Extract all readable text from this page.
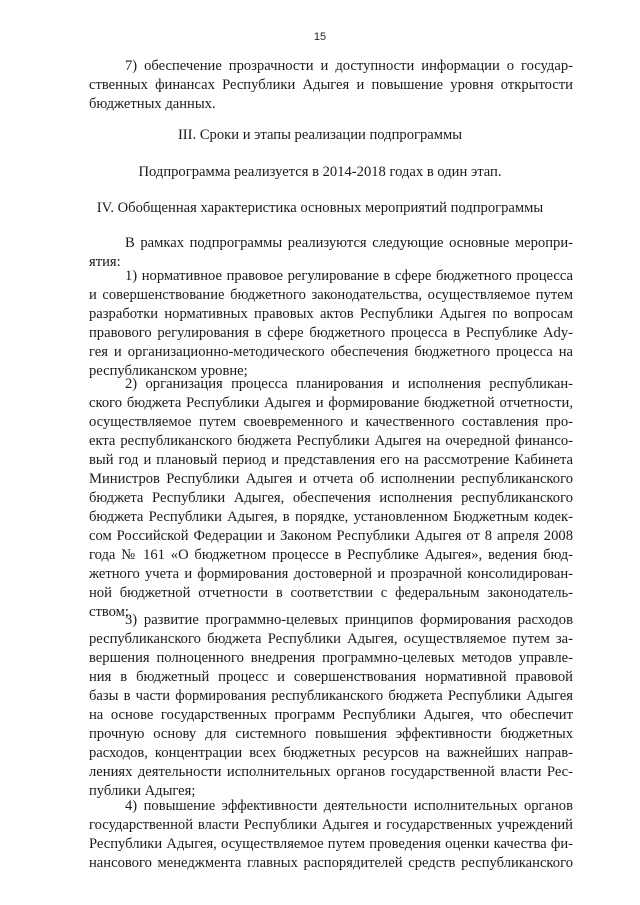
15
7) обеспечение прозрачности и доступности информации о государ-
ственных финансах Республики Адыгея и повышение уровня открытости
бюджетных данных.
III. Сроки и этапы реализации подпрограммы
Подпрограмма реализуется в 2014-2018 годах в один этап.
IV. Обобщенная характеристика основных мероприятий подпрограммы
В рамках подпрограммы реализуются следующие основные меропри-
ятия:
1) нормативное правовое регулирование в сфере бюджетного процесса
и совершенствование бюджетного законодательства, осуществляемое путем
разработки нормативных правовых актов Республики Адыгея по вопросам
правового регулирования в сфере бюджетного процесса в Республике Ady-
гея и организационно-методического обеспечения бюджетного процесса на
республиканском уровне;
2) организация процесса планирования и исполнения республикан-
ского бюджета Республики Адыгея и формирование бюджетной отчетности,
осуществляемое путем своевременного и качественного составления про-
екта республиканского бюджета Республики Адыгея на очередной финансо-
вый год и плановый период и представления его на рассмотрение Кабинета
Министров Республики Адыгея и отчета об исполнении республиканского
бюджета Республики Адыгея, обеспечения исполнения республиканского
бюджета Республики Адыгея, в порядке, установленном Бюджетным кодек-
сом Российской Федерации и Законом Республики Адыгея от 8 апреля 2008
года № 161 «О бюджетном процессе в Республике Адыгея», ведения бюд-
жетного учета и формирования достоверной и прозрачной консолидирован-
ной бюджетной отчетности в соответствии с федеральным законодатель-
ством;
3) развитие программно-целевых принципов формирования расходов
республиканского бюджета Республики Адыгея, осуществляемое путем за-
вершения полноценного внедрения программно-целевых методов управле-
ния в бюджетный процесс и совершенствования нормативной правовой
базы в части формирования республиканского бюджета Республики Адыгея
на основе государственных программ Республики Адыгея, что обеспечит
прочную основу для системного повышения эффективности бюджетных
расходов, концентрации всех бюджетных ресурсов на важнейших направ-
лениях деятельности исполнительных органов государственной власти Рес-
публики Адыгея;
4) повышение эффективности деятельности исполнительных органов
государственной власти Республики Адыгея и государственных учреждений
Республики Адыгея, осуществляемое путем проведения оценки качества фи-
нансового менеджмента главных распорядителей средств республиканского
